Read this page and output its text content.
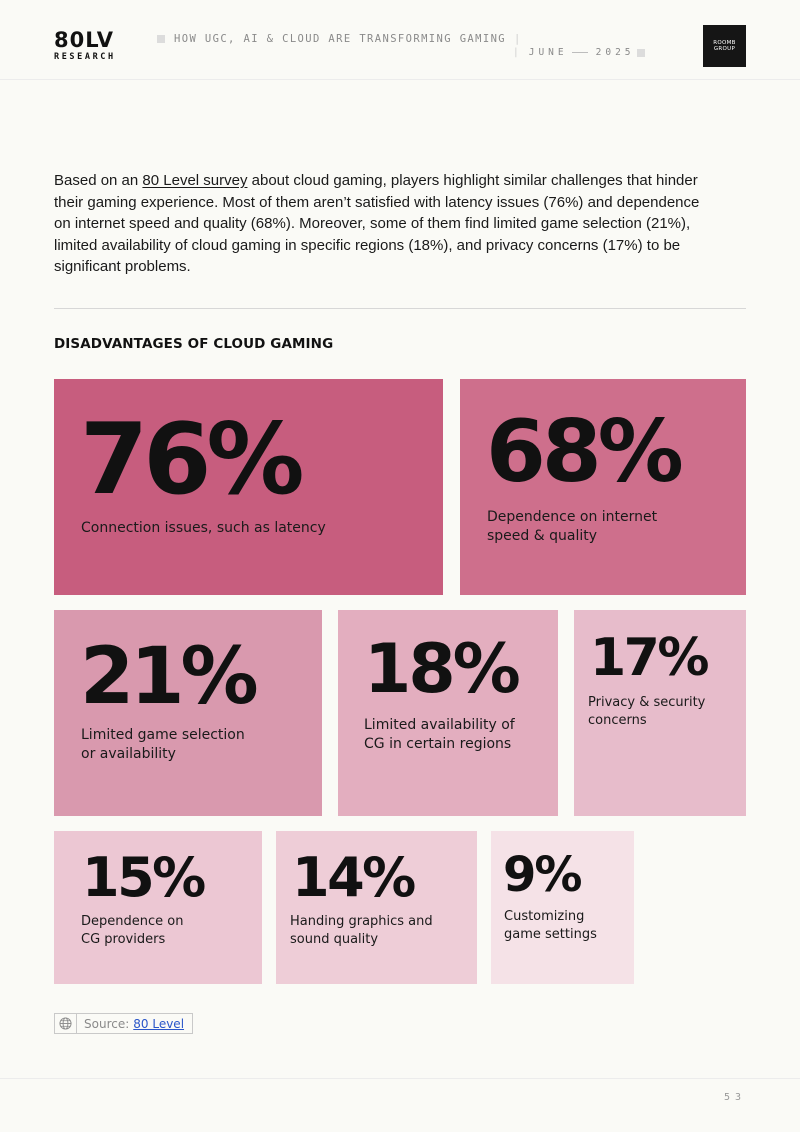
80LV
RESEARCH
HOW UGC, AI & CLOUD ARE TRANSFORMING GAMING |
| JUNE	2025
ROOMB
GROUP

Based on an 80 Level survey about cloud gaming, players highlight similar challenges that hinder their gaming experience. Most of them aren’t satisfied with latency issues (76%) and dependence on internet speed and quality (68%). Moreover, some of them find limited game selection (21%), limited availability of cloud gaming in specific regions (18%), and privacy concerns (17%) to be significant problems.

DISADVANTAGES OF CLOUD GAMING
76%
Connection issues, such as latency
68%
Dependence on internet
speed & quality
21%
Limited game selection
or availability
18%
Limited availability of
CG in certain regions
17%
Privacy & security
concerns
15%
Dependence on
CG providers
14%
Handing graphics and
sound quality
9%
Customizing
game settings
Source: 80 Level
53
